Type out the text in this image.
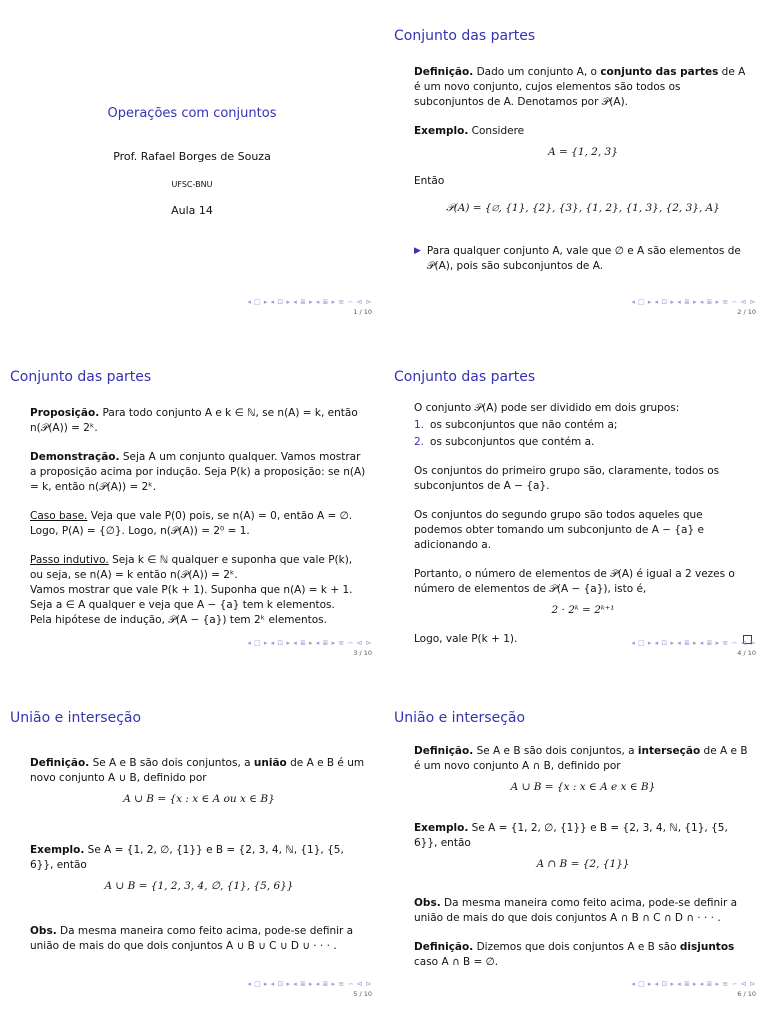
Operações com conjuntos
Prof. Rafael Borges de Souza
UFSC-BNU
Aula 14
◂ □ ▸ ◂ ⊡ ▸ ◂ ≣ ▸ ◂ ≣ ▸ ≡ ∽ ⊲ ⊳
1 / 10
Conjunto das partes

Definição. Dado um conjunto A, o conjunto das partes de A é um novo conjunto, cujos elementos são todos os subconjuntos de A. Denotamos por 𝒫(A).

Exemplo. Considere

A = {1, 2, 3}

Então

𝒫(A) = {∅, {1}, {2}, {3}, {1, 2}, {1, 3}, {2, 3}, A}
▶ Para qualquer conjunto A, vale que ∅ e A são elementos de 𝒫(A), pois são subconjuntos de A.
◂ □ ▸ ◂ ⊡ ▸ ◂ ≣ ▸ ◂ ≣ ▸ ≡ ∽ ⊲ ⊳
2 / 10
Conjunto das partes

Proposição. Para todo conjunto A e k ∈ ℕ, se n(A) = k, então n(𝒫(A)) = 2ᵏ.

Demonstração. Seja A um conjunto qualquer. Vamos mostrar a proposição acima por indução. Seja P(k) a proposição: se n(A) = k, então n(𝒫(A)) = 2ᵏ.

Caso base. Veja que vale P(0) pois, se n(A) = 0, então A = ∅. Logo, P(A) = {∅}. Logo, n(𝒫(A)) = 2⁰ = 1.

Passo indutivo. Seja k ∈ ℕ qualquer e suponha que vale P(k), ou seja, se n(A) = k então n(𝒫(A)) = 2ᵏ.
Vamos mostrar que vale P(k + 1). Suponha que n(A) = k + 1.
Seja a ∈ A qualquer e veja que A − {a} tem k elementos.
Pela hipótese de indução, 𝒫(A − {a}) tem 2ᵏ elementos.
◂ □ ▸ ◂ ⊡ ▸ ◂ ≣ ▸ ◂ ≣ ▸ ≡ ∽ ⊲ ⊳
3 / 10
Conjunto das partes

O conjunto 𝒫(A) pode ser dividido em dois grupos:

1. os subconjuntos que não contém a;
2. os subconjuntos que contém a.

Os conjuntos do primeiro grupo são, claramente, todos os subconjuntos de A − {a}.

Os conjuntos do segundo grupo são todos aqueles que podemos obter tomando um subconjunto de A − {a} e adicionando a.

Portanto, o número de elementos de 𝒫(A) é igual a 2 vezes o número de elementos de 𝒫(A − {a}), isto é,

2 · 2ᵏ = 2ᵏ⁺¹
Logo, vale P(k + 1).	◂ □ ▸ ◂ ⊡ ▸ ◂ ≣ ▸ ◂ ≣ ▸ ≡ ∽ ⊲ ⊳
4 / 10
União e interseção

Definição. Se A e B são dois conjuntos, a união de A e B é um novo conjunto A ∪ B, definido por

A ∪ B = {x : x ∈ A ou x ∈ B}

Exemplo. Se A = {1, 2, ∅, {1}} e B = {2, 3, 4, ℕ, {1}, {5, 6}}, então

A ∪ B = {1, 2, 3, 4, ∅, {1}, {5, 6}}

Obs. Da mesma maneira como feito acima, pode-se definir a união de mais do que dois conjuntos A ∪ B ∪ C ∪ D ∪ · · · .

◂ □ ▸ ◂ ⊡ ▸ ◂ ≣ ▸ ◂ ≣ ▸ ≡ ∽ ⊲ ⊳
5 / 10
União e interseção

Definição. Se A e B são dois conjuntos, a interseção de A e B é um novo conjunto A ∩ B, definido por

A ∪ B = {x : x ∈ A e x ∈ B}

Exemplo. Se A = {1, 2, ∅, {1}} e B = {2, 3, 4, ℕ, {1}, {5, 6}}, então

A ∩ B = {2, {1}}

Obs. Da mesma maneira como feito acima, pode-se definir a união de mais do que dois conjuntos A ∩ B ∩ C ∩ D ∩ · · · .

Definição. Dizemos que dois conjuntos A e B são disjuntos caso A ∩ B = ∅.

◂ □ ▸ ◂ ⊡ ▸ ◂ ≣ ▸ ◂ ≣ ▸ ≡ ∽ ⊲ ⊳
6 / 10
